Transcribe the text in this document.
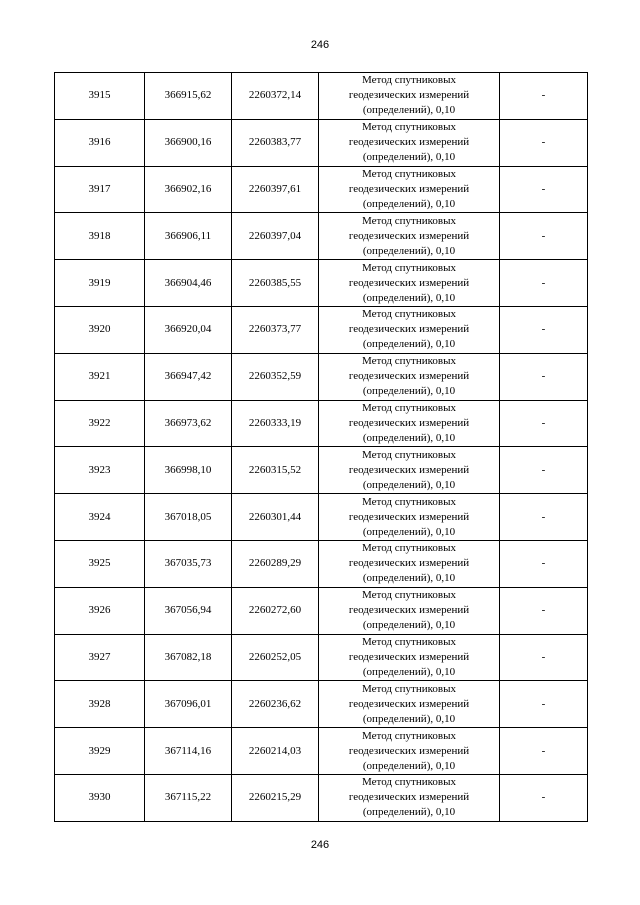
246
3915	366915,62	2260372,14	Метод спутниковых
геодезических измерений
(определений), 0,10	-
3916	366900,16	2260383,77	Метод спутниковых
геодезических измерений
(определений), 0,10	-
3917	366902,16	2260397,61	Метод спутниковых
геодезических измерений
(определений), 0,10	-
3918	366906,11	2260397,04	Метод спутниковых
геодезических измерений
(определений), 0,10	-
3919	366904,46	2260385,55	Метод спутниковых
геодезических измерений
(определений), 0,10	-
3920	366920,04	2260373,77	Метод спутниковых
геодезических измерений
(определений), 0,10	-
3921	366947,42	2260352,59	Метод спутниковых
геодезических измерений
(определений), 0,10	-
3922	366973,62	2260333,19	Метод спутниковых
геодезических измерений
(определений), 0,10	-
3923	366998,10	2260315,52	Метод спутниковых
геодезических измерений
(определений), 0,10	-
3924	367018,05	2260301,44	Метод спутниковых
геодезических измерений
(определений), 0,10	-
3925	367035,73	2260289,29	Метод спутниковых
геодезических измерений
(определений), 0,10	-
3926	367056,94	2260272,60	Метод спутниковых
геодезических измерений
(определений), 0,10	-
3927	367082,18	2260252,05	Метод спутниковых
геодезических измерений
(определений), 0,10	-
3928	367096,01	2260236,62	Метод спутниковых
геодезических измерений
(определений), 0,10	-
3929	367114,16	2260214,03	Метод спутниковых
геодезических измерений
(определений), 0,10	-
3930	367115,22	2260215,29	Метод спутниковых
геодезических измерений
(определений), 0,10	-
246
